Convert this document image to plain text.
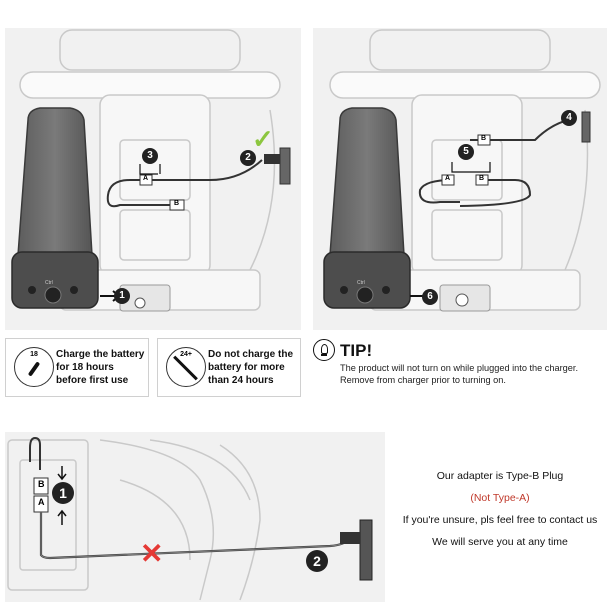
Ctrl	Ctrl
A
B
A	B
B
B
A
1
2
3
✓
4
5
6
1
2
✕
18	Charge the battery for 18 hours before first use
24+	Do not charge the battery for more than 24 hours
TIP!
The product will not turn on while plugged into the charger. Remove from charger prior to turning on.
Our adapter is Type-B Plug
(Not Type-A)
If you're unsure, pls feel free to contact us
We will serve you at any time
